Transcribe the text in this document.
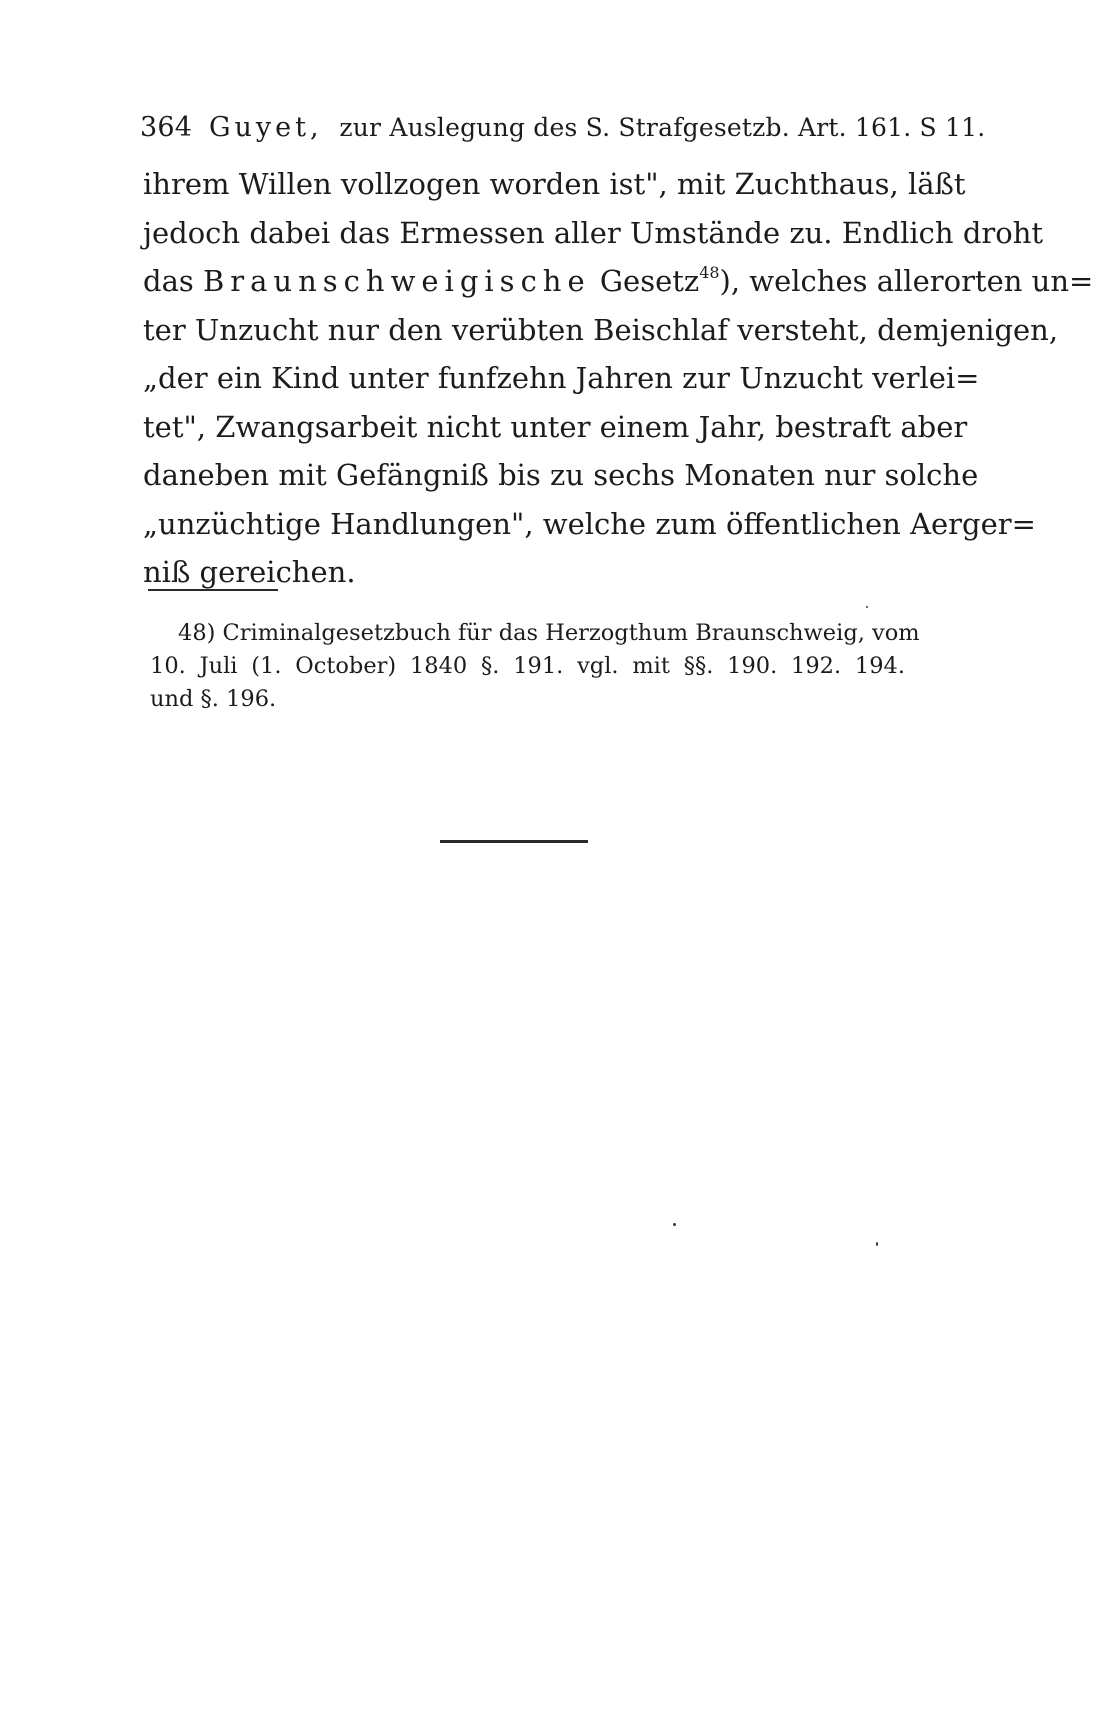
364 Guyet, zur Auslegung des S. Strafgesetzb. Art. 161. S 11.
ihrem Willen vollzogen worden ist", mit Zuchthaus, läßt
jedoch dabei das Ermessen aller Umstände zu. Endlich droht
das Braunschweigische Gesetz$^{48}$), welches allerorten un=
ter Unzucht nur den verübten Beischlaf versteht, demjenigen,
„der ein Kind unter funfzehn Jahren zur Unzucht verlei=
tet", Zwangsarbeit nicht unter einem Jahr, bestraft aber
daneben mit Gefängniß bis zu sechs Monaten nur solche
„unzüchtige Handlungen", welche zum öffentlichen Aerger=
niß gereichen.
48) Criminalgesetzbuch für das Herzogthum Braunschweig, vom
10. Juli (1. October) 1840 §. 191. vgl. mit §§. 190. 192. 194.
und §. 196.
